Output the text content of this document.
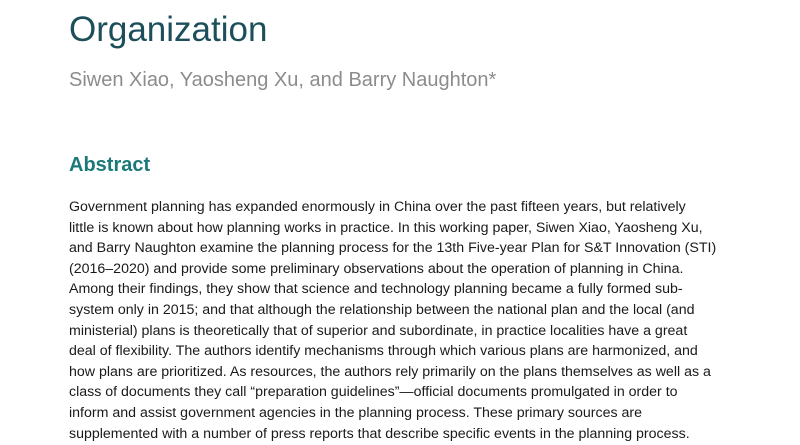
Organization

Siwen Xiao, Yaosheng Xu, and Barry Naughton*

Abstract
Government planning has expanded enormously in China over the past fifteen years, but relatively
little is known about how planning works in practice. In this working paper, Siwen Xiao, Yaosheng Xu,
and Barry Naughton examine the planning process for the 13th Five-year Plan for S&T Innovation (STI)
(2016–2020) and provide some preliminary observations about the operation of planning in China.
Among their findings, they show that science and technology planning became a fully formed sub-
system only in 2015; and that although the relationship between the national plan and the local (and
ministerial) plans is theoretically that of superior and subordinate, in practice localities have a great
deal of flexibility. The authors identify mechanisms through which various plans are harmonized, and
how plans are prioritized. As resources, the authors rely primarily on the plans themselves as well as a
class of documents they call “preparation guidelines”—official documents promulgated in order to
inform and assist government agencies in the planning process. These primary sources are
supplemented with a number of press reports that describe specific events in the planning process.
